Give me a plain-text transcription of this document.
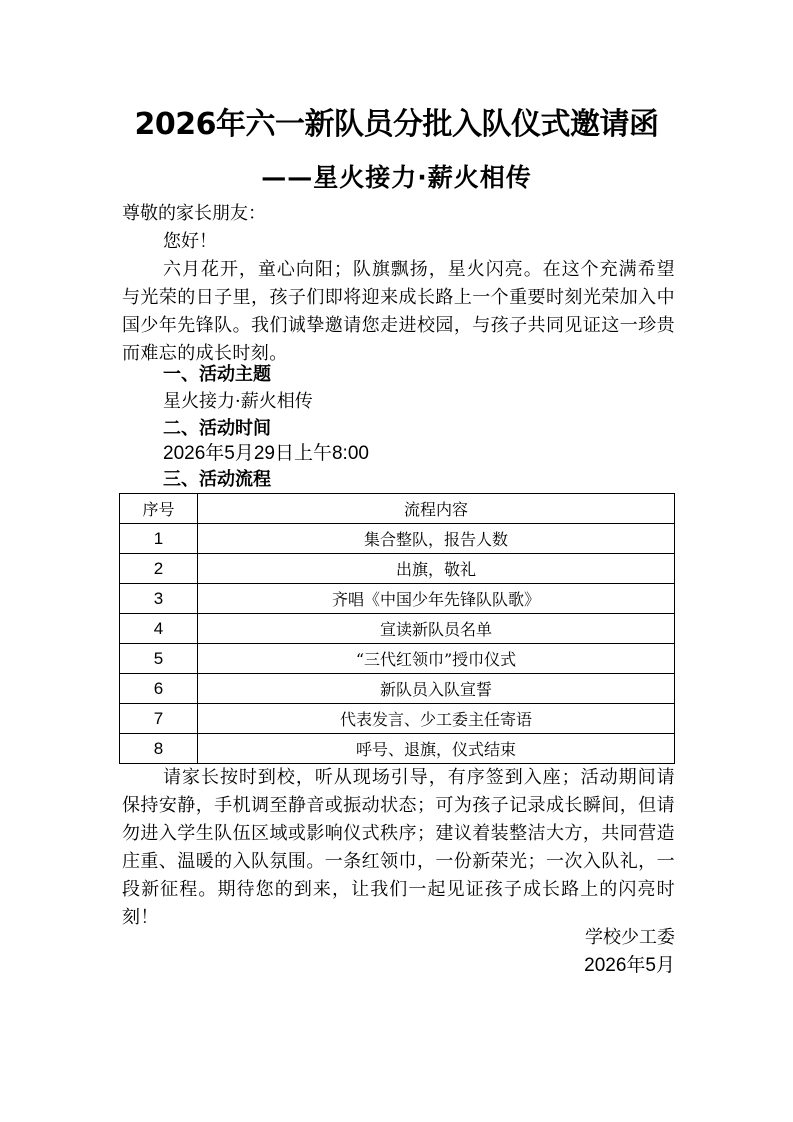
2026年六一新队员分批入队仪式邀请函
——星火接力·薪火相传
尊敬的家长朋友：
您好！
六月花开，童心向阳；队旗飘扬，星火闪亮。在这个充满希望与光荣的日子里，孩子们即将迎来成长路上一个重要时刻光荣加入中国少年先锋队。我们诚挚邀请您走进校园，与孩子共同见证这一珍贵而难忘的成长时刻。
一、活动主题
星火接力·薪火相传
二、活动时间
2026年5月29日上午8:00
三、活动流程
序号	流程内容
1	集合整队，报告人数
2	出旗，敬礼
3	齐唱《中国少年先锋队队歌》
4	宣读新队员名单
5	“三代红领巾”授巾仪式
6	新队员入队宣誓
7	代表发言、少工委主任寄语
8	呼号、退旗，仪式结束
请家长按时到校，听从现场引导，有序签到入座；活动期间请保持安静，手机调至静音或振动状态；可为孩子记录成长瞬间，但请勿进入学生队伍区域或影响仪式秩序；建议着装整洁大方，共同营造庄重、温暖的入队氛围。一条红领巾，一份新荣光；一次入队礼，一段新征程。期待您的到来，让我们一起见证孩子成长路上的闪亮时刻！
学校少工委
2026年5月
